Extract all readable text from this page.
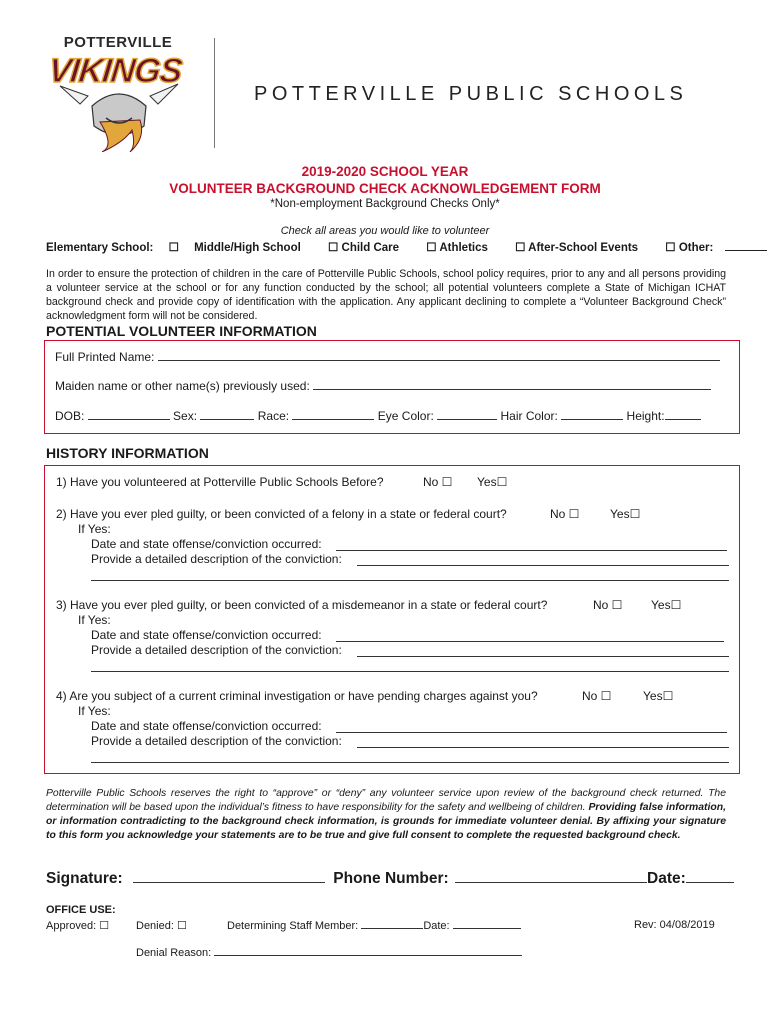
POTTERVILLE
VIKINGS
POTTERVILLE PUBLIC SCHOOLS
2019-2020 SCHOOL YEAR
VOLUNTEER BACKGROUND CHECK ACKNOWLEDGEMENT FORM
*Non-employment Background Checks Only*
Check all areas you would like to volunteer
Elementary School: ☐ Middle/High School ☐ Child Care ☐ Athletics ☐ After-School Events ☐ Other:
In order to ensure the protection of children in the care of Potterville Public Schools, school policy requires, prior to any and all persons providing a volunteer service at the school or for any function conducted by the school; all potential volunteers complete a State of Michigan ICHAT background check and provide copy of identification with the application. Any applicant declining to complete a “Volunteer Background Check” acknowledgment form will not be considered.
POTENTIAL VOLUNTEER INFORMATION
Full Printed Name:
Maiden name or other name(s) previously used:
DOB:	Sex:	Race:	Eye Color:	Hair Color:	Height:
HISTORY INFORMATION
1) Have you volunteered at Potterville Public Schools Before?	No ☐ Yes☐
2) Have you ever pled guilty, or been convicted of a felony in a state or federal court?	No ☐	Yes☐
If Yes:
Date and state offense/conviction occurred:
Provide a detailed description of the conviction:
3) Have you ever pled guilty, or been convicted of a misdemeanor in a state or federal court?	No ☐ Yes☐
If Yes:
Date and state offense/conviction occurred:
Provide a detailed description of the conviction:
4) Are you subject of a current criminal investigation or have pending charges against you?	No ☐	Yes☐
If Yes:
Date and state offense/conviction occurred:
Provide a detailed description of the conviction:
Potterville Public Schools reserves the right to “approve” or “deny” any volunteer service upon review of the background check returned. The determination will be based upon the individual’s fitness to have responsibility for the safety and wellbeing of children. Providing false information, or information contradicting to the background check information, is grounds for immediate volunteer denial. By affixing your signature to this form you acknowledge your statements are to be true and give full consent to complete the requested background check.
Signature:	Phone Number:	Date:
OFFICE USE:
Approved: ☐ Denied: ☐	Determining Staff Member:	Date:	Rev: 04/08/2019
Denial Reason:
